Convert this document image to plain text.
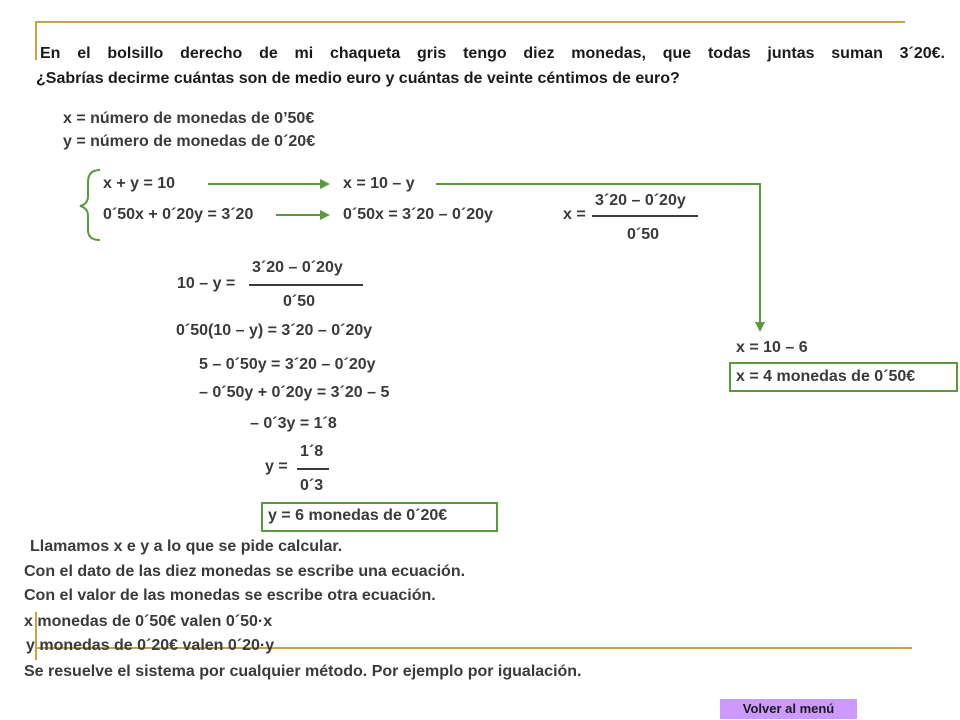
En el bolsillo derecho de mi chaqueta gris tengo diez monedas, que todas juntas suman 3´20€.
¿Sabrías decirme cuántas son de medio euro y cuántas de veinte céntimos de euro?
x = número de monedas de 0’50€
y = número de monedas de 0´20€
x + y = 10
0´50x + 0´20y = 3´20
x = 10 – y
0´50x = 3´20 – 0´20y	x =
3´20 – 0´20y
0´50
10 – y =
3´20 – 0´20y
0´50
0´50(10 – y) = 3´20 – 0´20y
5 – 0´50y = 3´20 – 0´20y
– 0´50y + 0´20y = 3´20 – 5
– 0´3y = 1´8
y =
1´8
0´3
y = 6 monedas de 0´20€
x = 10 – 6
x = 4 monedas de 0´50€
Llamamos x e y a lo que se pide calcular.
Con el dato de las diez monedas se escribe una ecuación.
Con el valor de las monedas se escribe otra ecuación.
x monedas de 0´50€ valen 0´50·x
y monedas de 0´20€ valen 0´20·y
Se resuelve el sistema por cualquier método. Por ejemplo por igualación.
Volver al menú
